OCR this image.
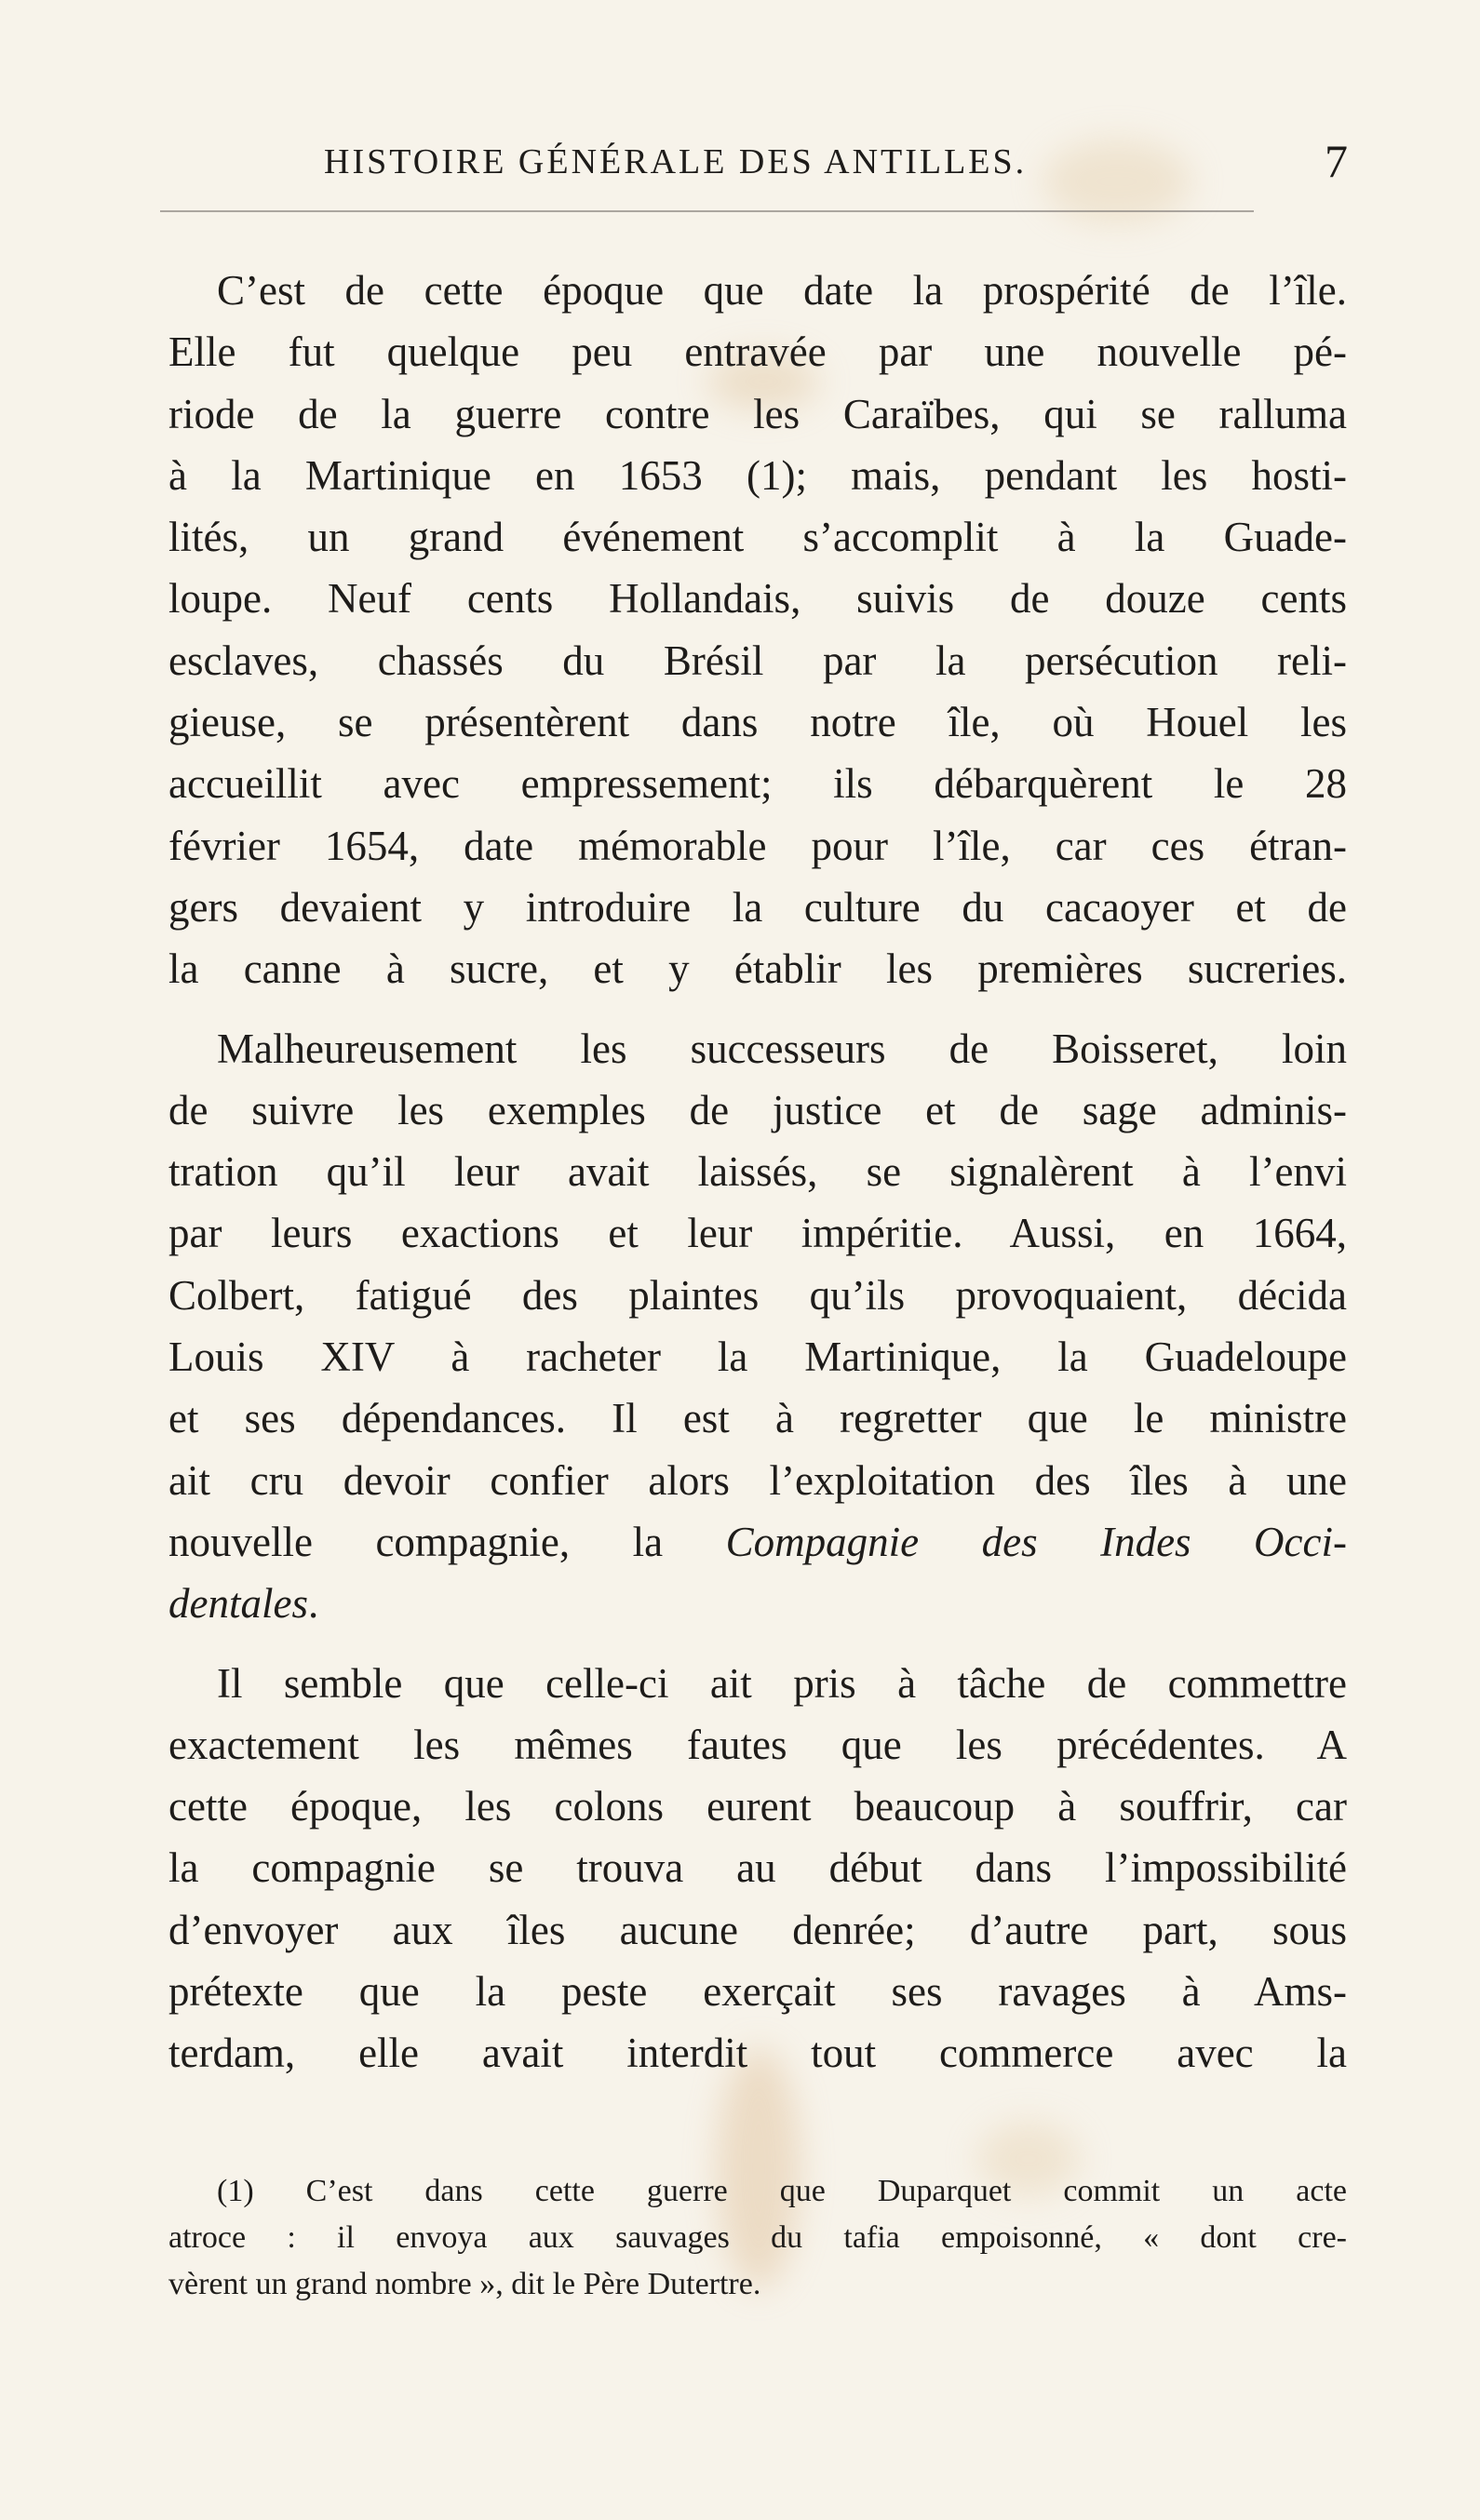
HISTOIRE GÉNÉRALE DES ANTILLES.	7
C’est de cette époque que date la prospérité de l’île.
Elle fut quelque peu entravée par une nouvelle pé-
riode de la guerre contre les Caraïbes, qui se ralluma
à la Martinique en 1653 (1); mais, pendant les hosti-
lités, un grand événement s’accomplit à la Guade-
loupe. Neuf cents Hollandais, suivis de douze cents
esclaves, chassés du Brésil par la persécution reli-
gieuse, se présentèrent dans notre île, où Houel les
accueillit avec empressement; ils débarquèrent le 28
février 1654, date mémorable pour l’île, car ces étran-
gers devaient y introduire la culture du cacaoyer et de
la canne à sucre, et y établir les premières sucreries.
Malheureusement les successeurs de Boisseret, loin
de suivre les exemples de justice et de sage adminis-
tration qu’il leur avait laissés, se signalèrent à l’envi
par leurs exactions et leur impéritie. Aussi, en 1664,
Colbert, fatigué des plaintes qu’ils provoquaient, décida
Louis XIV à racheter la Martinique, la Guadeloupe
et ses dépendances. Il est à regretter que le ministre
ait cru devoir confier alors l’exploitation des îles à une
nouvelle compagnie, la Compagnie des Indes Occi-
dentales.
Il semble que celle-ci ait pris à tâche de commettre
exactement les mêmes fautes que les précédentes. A
cette époque, les colons eurent beaucoup à souffrir, car
la compagnie se trouva au début dans l’impossibilité
d’envoyer aux îles aucune denrée; d’autre part, sous
prétexte que la peste exerçait ses ravages à Ams-
terdam, elle avait interdit tout commerce avec la
(1) C’est dans cette guerre que Duparquet commit un acte
atroce : il envoya aux sauvages du tafia empoisonné, « dont cre-
vèrent un grand nombre », dit le Père Dutertre.
